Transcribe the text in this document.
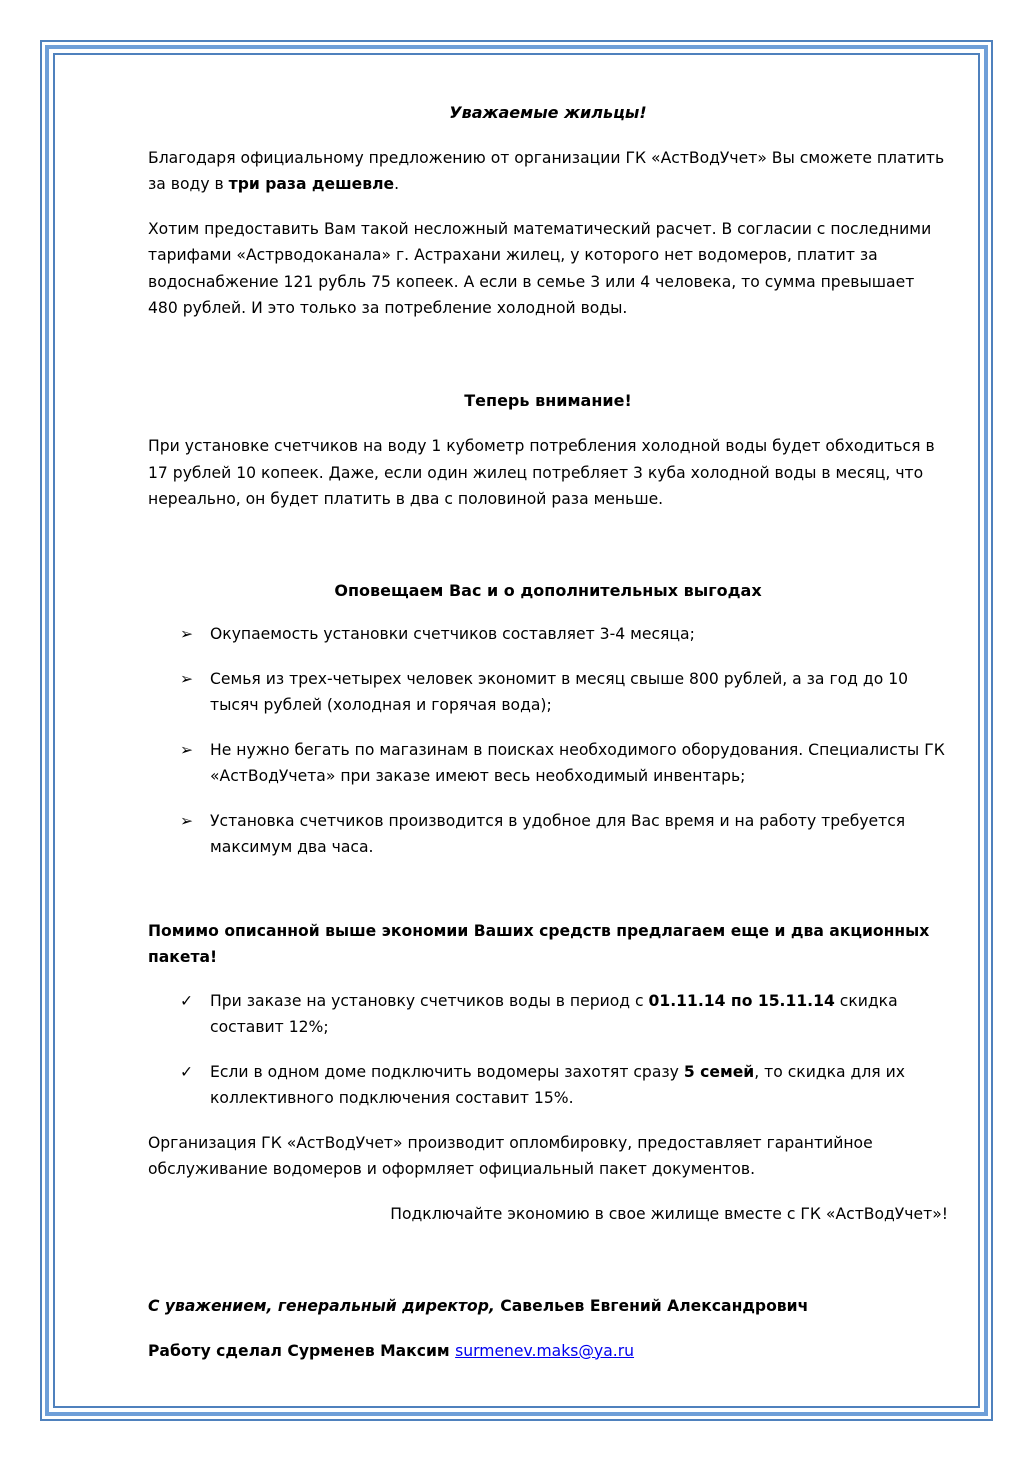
Уважаемые жильцы!

Благодаря официальному предложению от организации ГК «АстВодУчет» Вы сможете платить за воду в три раза дешевле.

Хотим предоставить Вам такой несложный математический расчет. В согласии с последними тарифами «Астрводоканала» г. Астрахани жилец, у которого нет водомеров, платит за водоснабжение 121 рубль 75 копеек. А если в семье 3 или 4 человека, то сумма превышает 480 рублей. И это только за потребление холодной воды.

Теперь внимание!

При установке счетчиков на воду 1 кубометр потребления холодной воды будет обходиться в 17 рублей 10 копеек. Даже, если один жилец потребляет 3 куба холодной воды в месяц, что нереально, он будет платить в два с половиной раза меньше.

Оповещаем Вас и о дополнительных выгодах

➢ Окупаемость установки счетчиков составляет 3-4 месяца;
➢ Семья из трех-четырех человек экономит в месяц свыше 800 рублей, а за год до 10 тысяч рублей (холодная и горячая вода);
➢ Не нужно бегать по магазинам в поисках необходимого оборудования. Специалисты ГК «АстВодУчета» при заказе имеют весь необходимый инвентарь;
➢ Установка счетчиков производится в удобное для Вас время и на работу требуется максимум два часа.

Помимо описанной выше экономии Ваших средств предлагаем еще и два акционных пакета!

✓ При заказе на установку счетчиков воды в период с 01.11.14 по 15.11.14 скидка составит 12%;
✓ Если в одном доме подключить водомеры захотят сразу 5 семей, то скидка для их коллективного подключения составит 15%.

Организация ГК «АстВодУчет» производит опломбировку, предоставляет гарантийное обслуживание водомеров и оформляет официальный пакет документов.

Подключайте экономию в свое жилище вместе с ГК «АстВодУчет»!

С уважением, генеральный директор, Савельев Евгений Александрович

Работу сделал Сурменев Максим surmenev.maks@ya.ru
